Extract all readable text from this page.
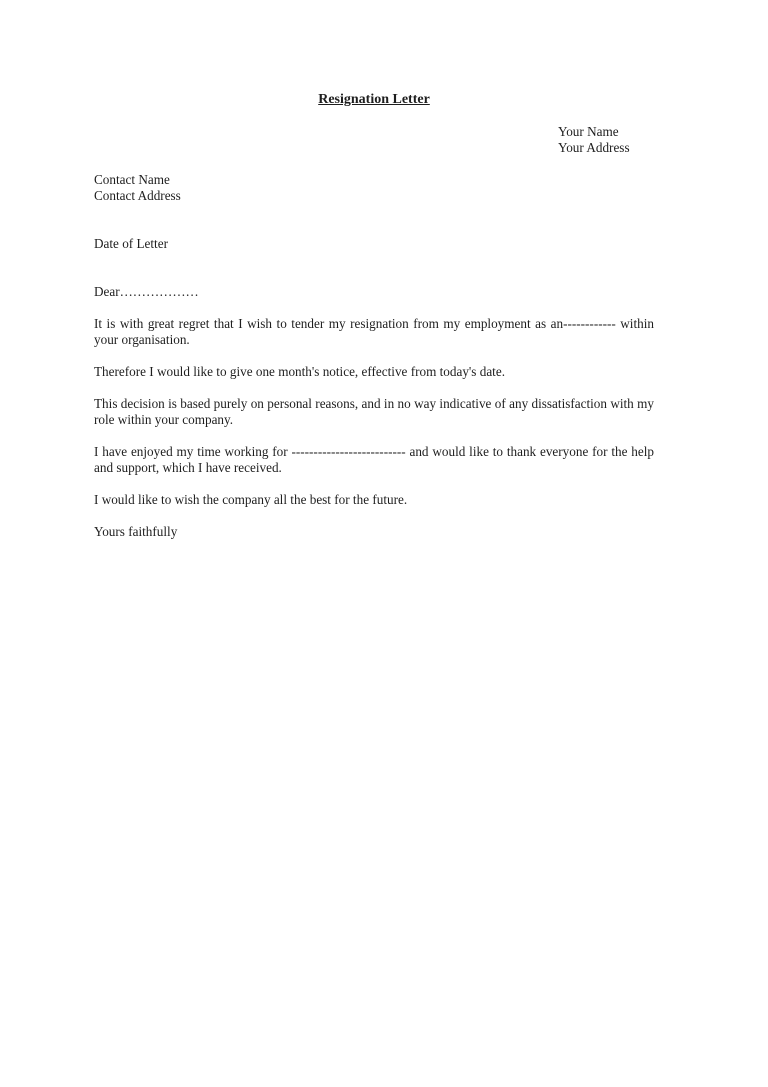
Resignation Letter
Your Name
Your Address
Contact Name
Contact Address
Date of Letter
Dear………………

It is with great regret that I wish to tender my resignation from my employment as an------------ within your organisation.

Therefore I would like to give one month's notice, effective from today's date.

This decision is based purely on personal reasons, and in no way indicative of any dissatisfaction with my role within your company.

I have enjoyed my time working for -------------------------- and would like to thank everyone for the help and support, which I have received.

I would like to wish the company all the best for the future.

Yours faithfully
